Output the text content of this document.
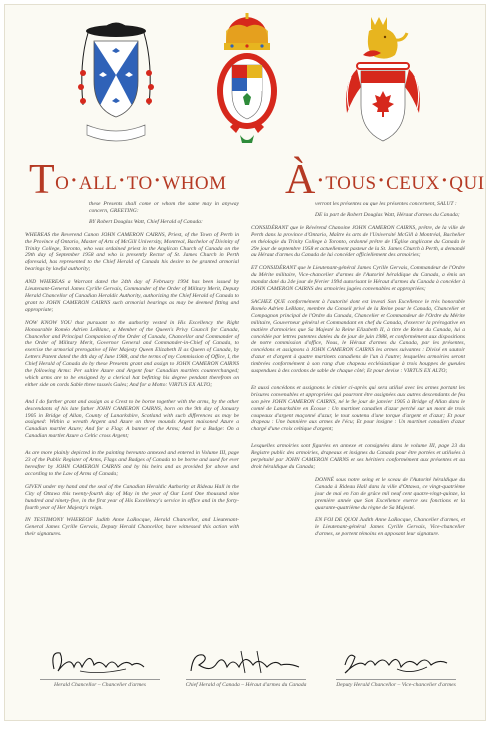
To·all·to·whom À·tous·ceux·qui

these Presents shall come or whom the same may in anyway concern, GREETING:

BY Robert Douglas Watt, Chief Herald of Canada:

WHEREAS the Reverend Canon JOHN CAMERON CAIRNS, Priest, of the Town of Perth in the Province of Ontario, Master of Arts of McGill University, Montreal, Bachelor of Divinity of Trinity College, Toronto, who was ordained priest in the Anglican Church of Canada on the 29th day of September 1958 and who is presently Rector of St. James Church in Perth aforesaid, has represented to the Chief Herald of Canada his desire to be granted armorial bearings by lawful authority;

AND WHEREAS a Warrant dated the 24th day of February 1994 has been issued by Lieutenant-General James Cyrille Gervais, Commander of the Order of Military Merit, Deputy Herald Chancellor of Canadian Heraldic Authority, authorizing the Chief Herald of Canada to grant to JOHN CAMERON CAIRNS such armorial bearings as may be deemed fitting and appropriate;

NOW KNOW YOU that pursuant to the authority vested in His Excellency the Right Honourable Roméo Adrien LeBlanc, a Member of the Queen's Privy Council for Canada, Chancellor and Principal Companion of the Order of Canada, Chancellor and Commander of the Order of Military Merit, Governor General and Commander-in-Chief of Canada, to exercise the armorial prerogative of Her Majesty Queen Elizabeth II as Queen of Canada, by Letters Patent dated the 4th day of June 1988, and the terms of my Commission of Office, I, the Chief Herald of Canada do by these Presents grant and assign to JOHN CAMERON CAIRNS the following Arms: Per saltire Azure and Argent four Canadian martlets counterchanged; which arms are to be ensigned by a clerical hat befitting his degree pendant therefrom on either side on cords Sable three tassels Gules; And for a Motto: VIRTUS EX ALTO;

And I do further grant and assign as a Crest to be borne together with the arms, by the other descendants of his late father JOHN CAMERON CAIRNS, born on the 9th day of January 1905 in Bridge of Allan, County of Lanarkshire, Scotland with such differences as may be assigned: Within a wreath Argent and Azure on three mounds Argent maisoned Azure a Canadian martlet Azure; And for a Flag: A banner of the Arms; And for a Badge: On a Canadian martlet Azure a Celtic cross Argent;

As are more plainly depicted in the painting hereunto annexed and entered in Volume III, page 23 of the Public Register of Arms, Flags and Badges of Canada to be borne and used for ever hereafter by JOHN CAMERON CAIRNS and by his heirs and as provided for above and according to the Law of Arms of Canada;

GIVEN under my hand and the seal of the Canadian Heraldic Authority at Rideau Hall in the City of Ottawa this twenty-fourth day of May in the year of Our Lord One thousand nine hundred and ninety-five, in the first year of His Excellency's service in office and in the forty-fourth year of Her Majesty's reign.

IN TESTIMONY WHEREOF Judith Anne LaRocque, Herald Chancellor, and Lieutenant-General James Cyrille Gervais, Deputy Herald Chancellor, have witnessed this action with their signatures.

verront les présentes ou que les présentes concernent, SALUT :

DE la part de Robert Douglas Watt, Héraut d'armes du Canada;

CONSIDÉRANT que le Révérend Chanoine JOHN CAMERON CAIRNS, prêtre, de la ville de Perth dans la province d'Ontario, Maître ès arts de l'Université McGill à Montréal, Bachelier en théologie du Trinity College à Toronto, ordonné prêtre de l'Église anglicane du Canada le 29e jour de septembre 1958 et actuellement pasteur de la St. James Church à Perth, a demandé au Héraut d'armes du Canada de lui concéder officiellement des armoiries;

ET CONSIDÉRANT que le Lieutenant-général James Cyrille Gervais, Commandeur de l'Ordre du Mérite militaire, Vice-chancelier d'armes de l'Autorité héraldique du Canada, a émis un mandat daté du 24e jour de février 1994 autorisant le Héraut d'armes du Canada à concéder à JOHN CAMERON CAIRNS des armoiries jugées convenables et appropriées;

SACHEZ QUE conformément à l'autorité dont est investi Son Excellence le très honorable Roméo Adrien LeBlanc, membre du Conseil privé de la Reine pour le Canada, Chancelier et Compagnon principal de l'Ordre du Canada, Chancelier et Commandeur de l'Ordre du Mérite militaire, Gouverneur général et Commandant en chef du Canada, d'exercer la prérogative en matière d'armoiries que Sa Majesté la Reine Elizabeth II, à titre de Reine du Canada, lui a concédée par lettres patentes datées du 4e jour de juin 1988, et conformément aux dispositions de notre commission d'office, Nous, le Héraut d'armes du Canada, par les présentes, concédons et assignons à JOHN CAMERON CAIRNS les armes suivantes : Divisé en sautoir d'azur et d'argent à quatre martinets canadiens de l'un à l'autre; lesquelles armoiries seront timbrées conformément à son rang d'un chapeau ecclésiastique à trois houppes de gueules suspendues à des cordons de sable de chaque côté; Et pour devise : VIRTUS EX ALTO;

Et aussi concédons et assignons le cimier ci-après qui sera utilisé avec les armes portant les brisures convenables et appropriées qui pourront être assignées aux autres descendants de feu son père JOHN CAMERON CAIRNS, né le 9e jour de janvier 1905 à Bridge of Allan dans le comté de Lanarkshire en Écosse : Un martinet canadien d'azur perché sur un mont de trois coupeaux d'argent maçonné d'azur, le tout soutenu d'une torque d'argent et d'azur; Et pour drapeau : Une bannière aux armes de l'écu; Et pour insigne : Un martinet canadien d'azur chargé d'une croix celtique d'argent;

Lesquelles armoiries sont figurées en annexe et consignées dans le volume III, page 23 du Registre public des armoiries, drapeaux et insignes du Canada pour être portées et utilisées à perpétuité par JOHN CAMERON CAIRNS et ses héritiers conformément aux présentes et au droit héraldique du Canada;

DONNÉ sous notre seing et le sceau de l'Autorité héraldique du Canada à Rideau Hall dans la ville d'Ottawa, ce vingt-quatrième jour de mai en l'an de grâce mil neuf cent quatre-vingt-quinze, la première année que Son Excellence exerce ses fonctions et la quarante-quatrième du règne de Sa Majesté.

EN FOI DE QUOI Judith Anne LaRocque, Chancelier d'armes, et le Lieutenant-général James Cyrille Gervais, Vice-chancelier d'armes, se portent témoins en apposant leur signature.

Herald Chancellor – Chancelier d'armes	Chief Herald of Canada – Héraut d'armes du Canada	Deputy Herald Chancellor – Vice-chancelier d'armes
